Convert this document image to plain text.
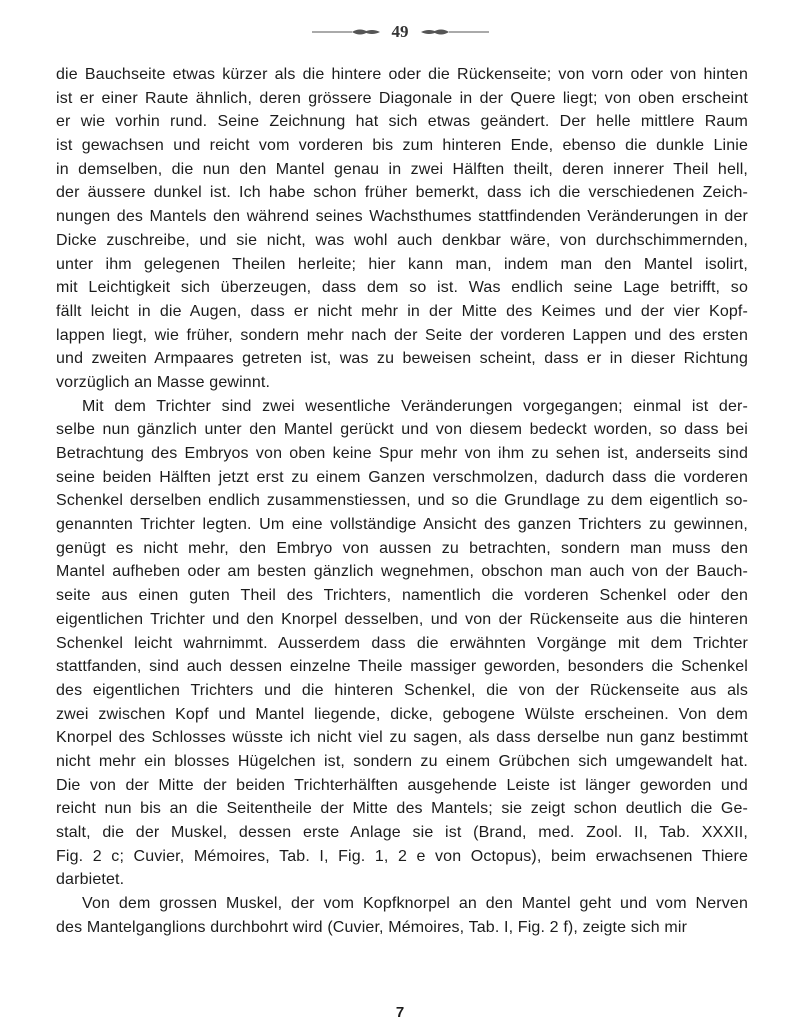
49
die Bauchseite etwas kürzer als die hintere oder die Rückenseite; von vorn oder von hinten
ist er einer Raute ähnlich, deren grössere Diagonale in der Quere liegt; von oben erscheint
er wie vorhin rund. Seine Zeichnung hat sich etwas geändert. Der helle mittlere Raum
ist gewachsen und reicht vom vorderen bis zum hinteren Ende, ebenso die dunkle Linie
in demselben, die nun den Mantel genau in zwei Hälften theilt, deren innerer Theil hell,
der äussere dunkel ist. Ich habe schon früher bemerkt, dass ich die verschiedenen Zeich-
nungen des Mantels den während seines Wachsthumes stattfindenden Veränderungen in der
Dicke zuschreibe, und sie nicht, was wohl auch denkbar wäre, von durchschimmernden,
unter ihm gelegenen Theilen herleite; hier kann man, indem man den Mantel isolirt,
mit Leichtigkeit sich überzeugen, dass dem so ist. Was endlich seine Lage betrifft, so
fällt leicht in die Augen, dass er nicht mehr in der Mitte des Keimes und der vier Kopf-
lappen liegt, wie früher, sondern mehr nach der Seite der vorderen Lappen und des ersten
und zweiten Armpaares getreten ist, was zu beweisen scheint, dass er in dieser Richtung
vorzüglich an Masse gewinnt.
Mit dem Trichter sind zwei wesentliche Veränderungen vorgegangen; einmal ist der-
selbe nun gänzlich unter den Mantel gerückt und von diesem bedeckt worden, so dass bei
Betrachtung des Embryos von oben keine Spur mehr von ihm zu sehen ist, anderseits sind
seine beiden Hälften jetzt erst zu einem Ganzen verschmolzen, dadurch dass die vorderen
Schenkel derselben endlich zusammenstiessen, und so die Grundlage zu dem eigentlich so-
genannten Trichter legten. Um eine vollständige Ansicht des ganzen Trichters zu gewinnen,
genügt es nicht mehr, den Embryo von aussen zu betrachten, sondern man muss den
Mantel aufheben oder am besten gänzlich wegnehmen, obschon man auch von der Bauch-
seite aus einen guten Theil des Trichters, namentlich die vorderen Schenkel oder den
eigentlichen Trichter und den Knorpel desselben, und von der Rückenseite aus die hinteren
Schenkel leicht wahrnimmt. Ausserdem dass die erwähnten Vorgänge mit dem Trichter
stattfanden, sind auch dessen einzelne Theile massiger geworden, besonders die Schenkel
des eigentlichen Trichters und die hinteren Schenkel, die von der Rückenseite aus als
zwei zwischen Kopf und Mantel liegende, dicke, gebogene Wülste erscheinen. Von dem
Knorpel des Schlosses wüsste ich nicht viel zu sagen, als dass derselbe nun ganz bestimmt
nicht mehr ein blosses Hügelchen ist, sondern zu einem Grübchen sich umgewandelt hat.
Die von der Mitte der beiden Trichterhälften ausgehende Leiste ist länger geworden und
reicht nun bis an die Seitentheile der Mitte des Mantels; sie zeigt schon deutlich die Ge-
stalt, die der Muskel, dessen erste Anlage sie ist (Brand, med. Zool. II, Tab. XXXII,
Fig. 2 c; Cuvier, Mémoires, Tab. I, Fig. 1, 2 e von Octopus), beim erwachsenen Thiere
darbietet.
Von dem grossen Muskel, der vom Kopfknorpel an den Mantel geht und vom Nerven
des Mantelganglions durchbohrt wird (Cuvier, Mémoires, Tab. I, Fig. 2 f), zeigte sich mir
7
